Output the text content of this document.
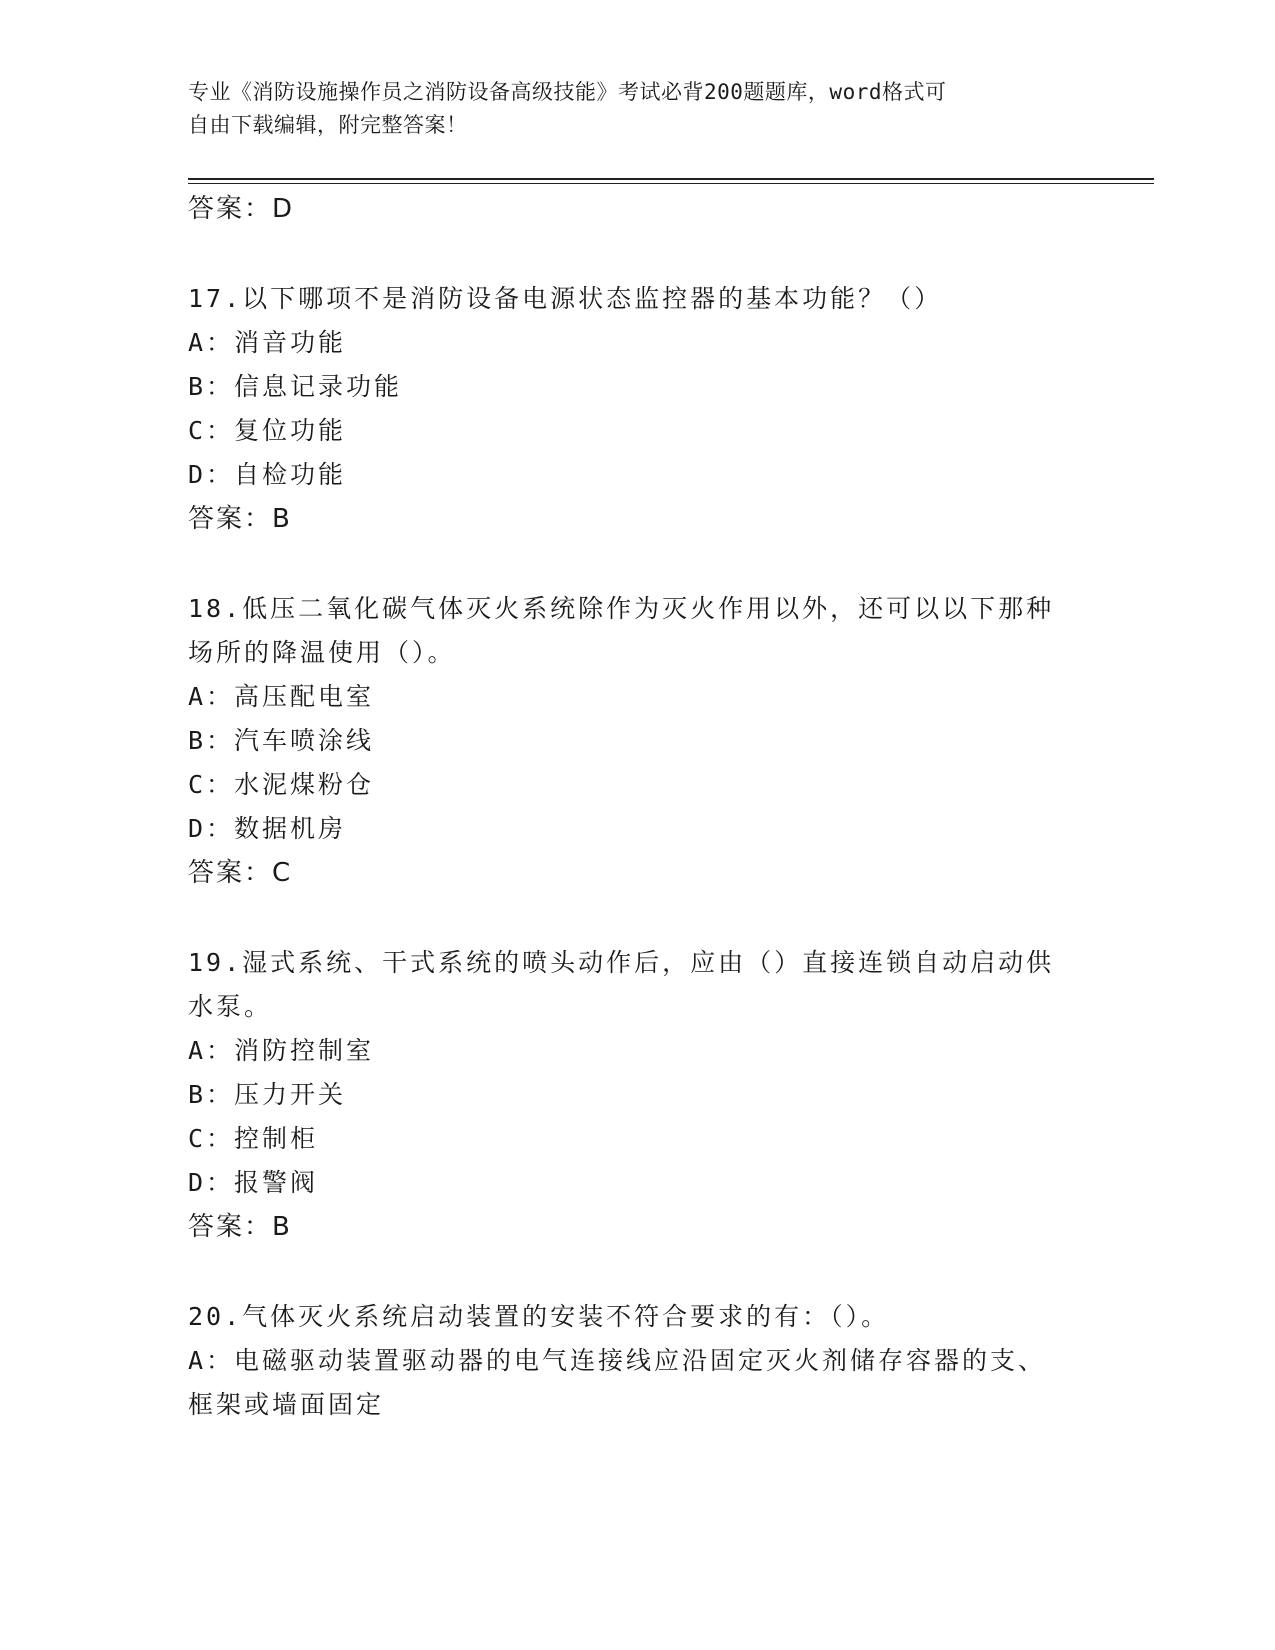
专业《消防设施操作员之消防设备高级技能》考试必背200题题库，word格式可
自由下载编辑，附完整答案！
答案：D
17.以下哪项不是消防设备电源状态监控器的基本功能？（）
A：消音功能
B：信息记录功能
C：复位功能
D：自检功能
答案：B
18.低压二氧化碳气体灭火系统除作为灭火作用以外，还可以以下那种
场所的降温使用（）。
A：高压配电室
B：汽车喷涂线
C：水泥煤粉仓
D：数据机房
答案：C
19.湿式系统、干式系统的喷头动作后，应由（）直接连锁自动启动供
水泵。
A：消防控制室
B：压力开关
C：控制柜
D：报警阀
答案：B
20.气体灭火系统启动装置的安装不符合要求的有：（）。
A：电磁驱动装置驱动器的电气连接线应沿固定灭火剂储存容器的支、
框架或墙面固定
